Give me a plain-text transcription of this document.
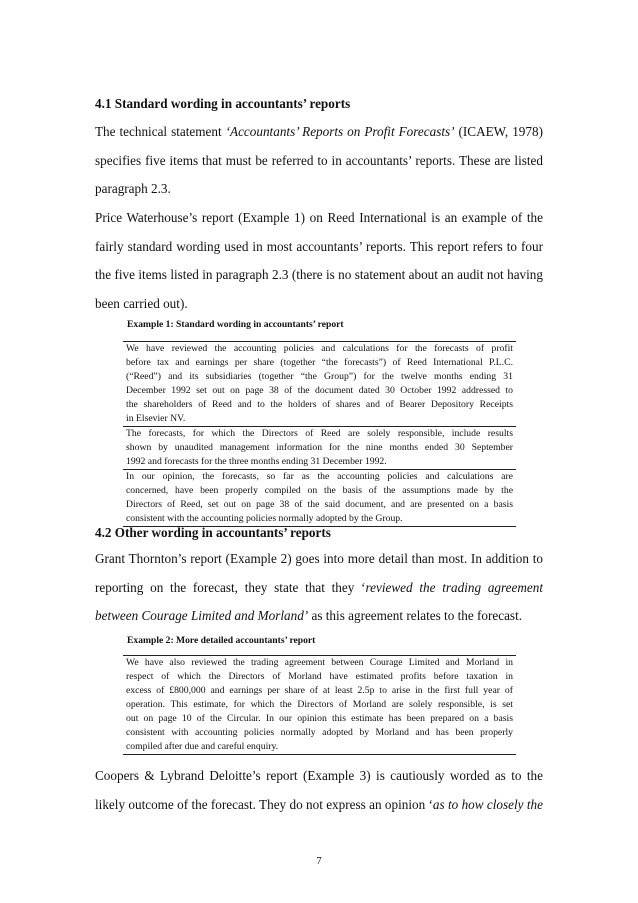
4.1 Standard wording in accountants’ reports
The technical statement ‘Accountants’ Reports on Profit Forecasts’ (ICAEW, 1978)
specifies five items that must be referred to in accountants’ reports. These are listed
paragraph 2.3.
Price Waterhouse’s report (Example 1) on Reed International is an example of the
fairly standard wording used in most accountants’ reports. This report refers to four
the five items listed in paragraph 2.3 (there is no statement about an audit not having
been carried out).
Example 1: Standard wording in accountants’ report
We have reviewed the accounting policies and calculations for the forecasts of profit
before tax and earnings per share (together “the forecasts”) of Reed International P.L.C.
(“Reed”) and its subsidiaries (together “the Group”) for the twelve months ending 31
December 1992 set out on page 38 of the document dated 30 October 1992 addressed to
the shareholders of Reed and to the holders of shares and of Bearer Depository Receipts
in Elsevier NV.
The forecasts, for which the Directors of Reed are solely responsible, include results
shown by unaudited management information for the nine months ended 30 September
1992 and forecasts for the three months ending 31 December 1992.
In our opinion, the forecasts, so far as the accounting policies and calculations are
concerned, have been properly compiled on the basis of the assumptions made by the
Directors of Reed, set out on page 38 of the said document, and are presented on a basis
consistent with the accounting policies normally adopted by the Group.
4.2 Other wording in accountants’ reports
Grant Thornton’s report (Example 2) goes into more detail than most. In addition to
reporting on the forecast, they state that they ‘reviewed the trading agreement
between Courage Limited and Morland’ as this agreement relates to the forecast.
Example 2: More detailed accountants’ report
We have also reviewed the trading agreement between Courage Limited and Morland in
respect of which the Directors of Morland have estimated profits before taxation in
excess of £800,000 and earnings per share of at least 2.5p to arise in the first full year of
operation. This estimate, for which the Directors of Morland are solely responsible, is set
out on page 10 of the Circular. In our opinion this estimate has been prepared on a basis
consistent with accounting policies normally adopted by Morland and has been properly
compiled after due and careful enquiry.
Coopers & Lybrand Deloitte’s report (Example 3) is cautiously worded as to the
likely outcome of the forecast. They do not express an opinion ‘as to how closely the
7
